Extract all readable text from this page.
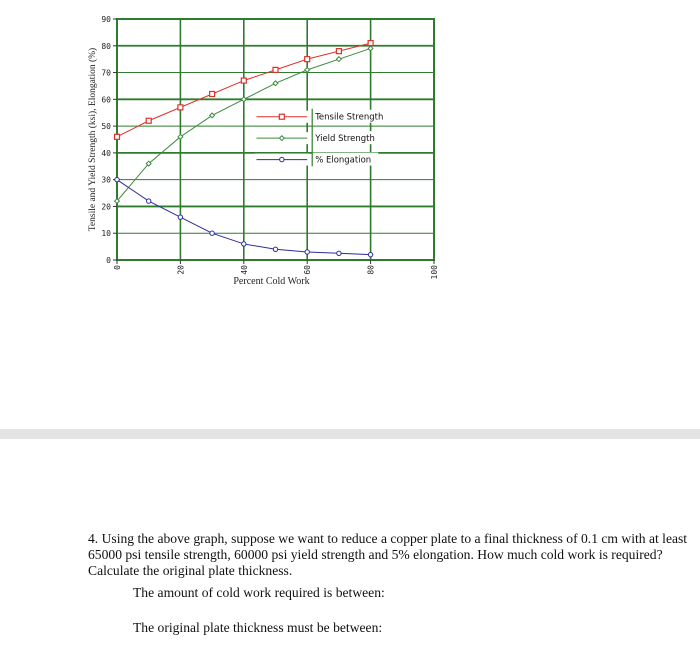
0
10
20
30
40
50
60
70
80
90
0	20	40	60	80	100
Percent Cold Work
Tensile and Yield Strength (ksi), Elongation (%)	Tensile Strength
Yield Strength
% Elongation
4. Using the above graph, suppose we want to reduce a copper plate to a final thickness of 0.1 cm with at least 65000 psi tensile strength, 60000 psi yield strength and 5% elongation. How much cold work is required? Calculate the original plate thickness.
The amount of cold work required is between:
The original plate thickness must be between:
